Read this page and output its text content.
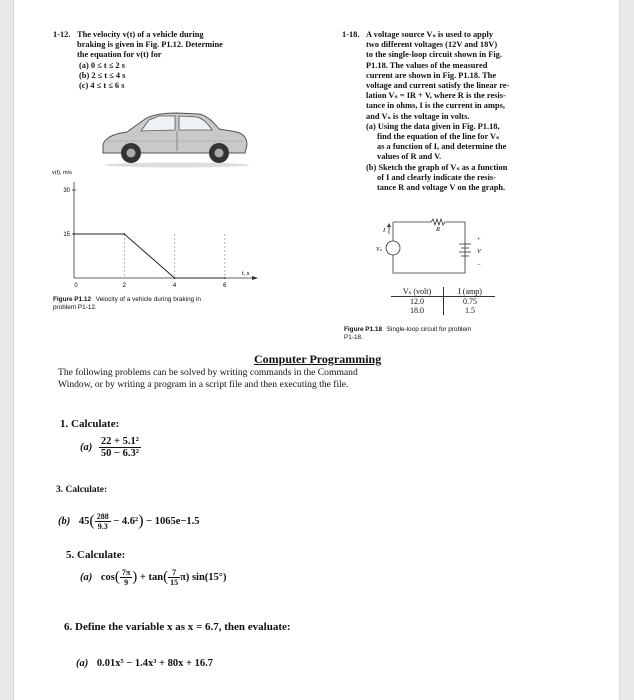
1-12. The velocity v(t) of a vehicle during
braking is given in Fig. P1.12. Determine
the equation for v(t) for
(a) 0 ≤ t ≤ 2 s
(b) 2 ≤ t ≤ 4 s
(c) 4 ≤ t ≤ 6 s
30
15
0	2	4	6
v(t), m/s
t, s
Figure P1.12 Velocity of a vehicle during braking in
problem P1-12.
1-18. A voltage source Vₛ is used to apply
two different voltages (12V and 18V)
to the single-loop circuit shown in Fig.
P1.18. The values of the measured
current are shown in Fig. P1.18. The
voltage and current satisfy the linear re-
lation Vₛ = IR + V, where R is the resis-
tance in ohms, I is the current in amps,
and Vₛ is the voltage in volts.
(a) Using the data given in Fig. P1.18,
find the equation of the line for Vₛ
as a function of I, and determine the
values of R and V.
(b) Sketch the graph of Vₛ as a function
of I and clearly indicate the resis-
tance R and voltage V on the graph.
I	R
Vₛ	V
+
−
Vₛ (volt)	I (amp)
12.0	0.75
18.0	1.5
Figure P1.18 Single-loop circuit for problem
P1-18.
Computer Programming
The following problems can be solved by writing commands in the Command
Window, or by writing a program in a script file and then executing the file.
1. Calculate:
$(a) \frac{\text{22 + 5.1²}}{\text{50 − 6.3²}}$
3. Calculate:
(b) $45( \frac{288}{9.3} - 4.6^2) - 1065e-1.5$
5. Calculate:
(a) $\cos( \frac{7\pi}{9}$ ) + $\tan( \frac{7}{15} \pi)$ sin(15°)
6. Define the variable x as x = 6.7, then evaluate:
(a) 0.01x⁵ − 1.4x³ + 80x + 16.7
